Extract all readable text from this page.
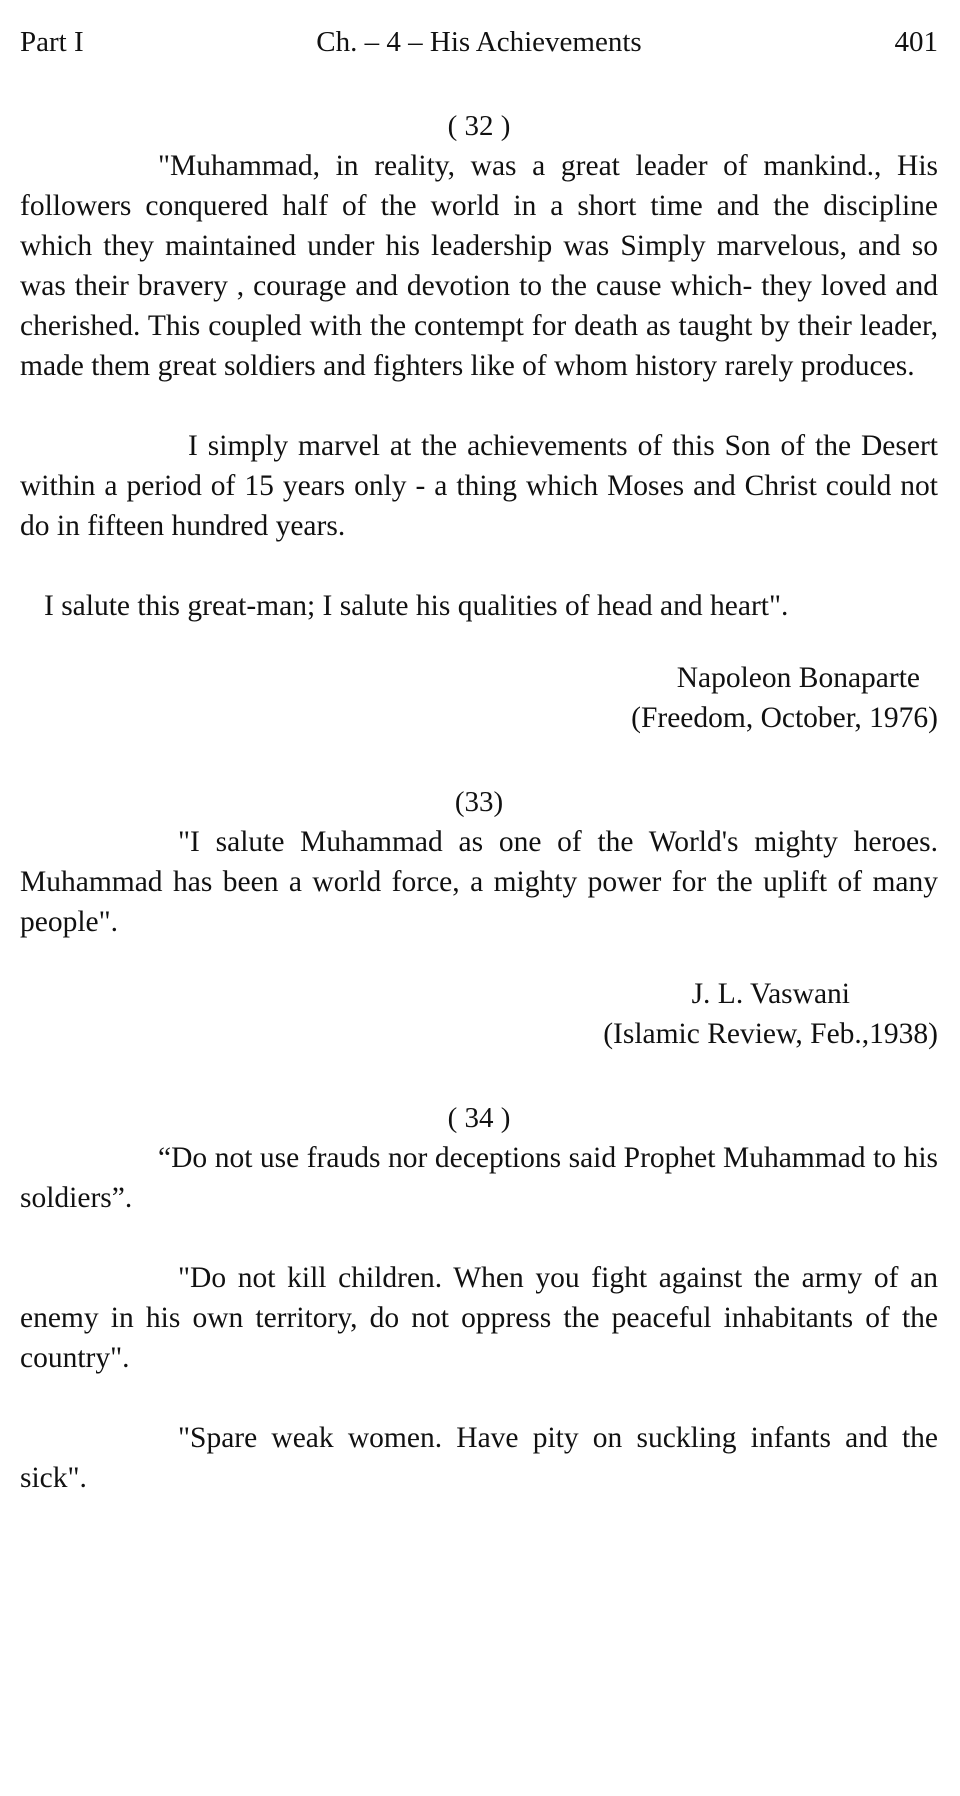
Part I	Ch. – 4 – His Achievements	401
( 32 )

"Muhammad, in reality, was a great leader of mankind., His followers conquered half of the world in a short time and the discipline which they maintained under his leadership was Simply marvelous, and so was their bravery , courage and devotion to the cause which- they loved and cherished. This coupled with the contempt for death as taught by their leader, made them great soldiers and fighters like of whom history rarely produces.

I simply marvel at the achievements of this Son of the Desert within a period of 15 years only - a thing which Moses and Christ could not do in fifteen hundred years.

I salute this great-man; I salute his qualities of head and heart".

Napoleon Bonaparte
(Freedom, October, 1976)
(33)

"I salute Muhammad as one of the World's mighty heroes. Muhammad has been a world force, a mighty power for the uplift of many people".

J. L. Vaswani
(Islamic Review, Feb.,1938)
( 34 )

“Do not use frauds nor deceptions said Prophet Muhammad to his soldiers”.

"Do not kill children. When you fight against the army of an enemy in his own territory, do not oppress the peaceful inhabitants of the country".

"Spare weak women. Have pity on suckling infants and the sick".
